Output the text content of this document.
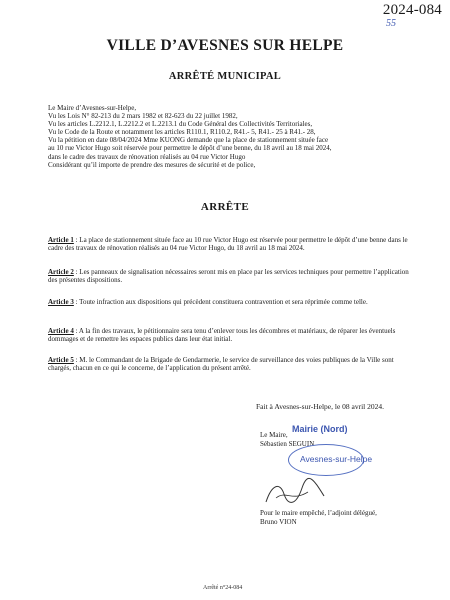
2024-084
55
VILLE D’AVESNES SUR HELPE
ARRÊTÉ MUNICIPAL
Le Maire d’Avesnes-sur-Helpe,
Vu les Lois N° 82-213 du 2 mars 1982 et 82-623 du 22 juillet 1982,
Vu les articles L.2212.1, L.2212.2 et L.2213.1 du Code Général des Collectivités Territoriales,
Vu le Code de la Route et notamment les articles R110.1, R110.2, R41.- 5, R41.- 25 à R41.- 28,
Vu la pétition en date 08/04/2024 Mme KUONG demande que la place de stationnement située face
au 10 rue Victor Hugo soit réservée pour permettre le dépôt d’une benne, du 18 avril au 18 mai 2024,
dans le cadre des travaux de rénovation réalisés au 04 rue Victor Hugo
Considérant qu’il importe de prendre des mesures de sécurité et de police,
ARRÊTE
Article 1 : La place de stationnement située face au 10 rue Victor Hugo est réservée pour permettre le dépôt d’une benne dans le cadre des travaux de rénovation réalisés au 04 rue Victor Hugo, du 18 avril au 18 mai 2024.
Article 2 : Les panneaux de signalisation nécessaires seront mis en place par les services techniques pour permettre l’application des présentes dispositions.
Article 3 : Toute infraction aux dispositions qui précèdent constituera contravention et sera réprimée comme telle.
Article 4 : A la fin des travaux, le pétitionnaire sera tenu d’enlever tous les décombres et matériaux, de réparer les éventuels dommages et de remettre les espaces publics dans leur état initial.
Article 5 : M. le Commandant de la Brigade de Gendarmerie, le service de surveillance des voies publiques de la Ville sont chargés, chacun en ce qui le concerne, de l’application du présent arrêté.
Fait à Avesnes-sur-Helpe, le 08 avril 2024.
Le Maire,
Sébastien SEGUIN
Mairie (Nord)
Avesnes-sur-Helpe
Pour le maire empêché, l’adjoint délégué,
Bruno VION
Arrêté n°24-084
